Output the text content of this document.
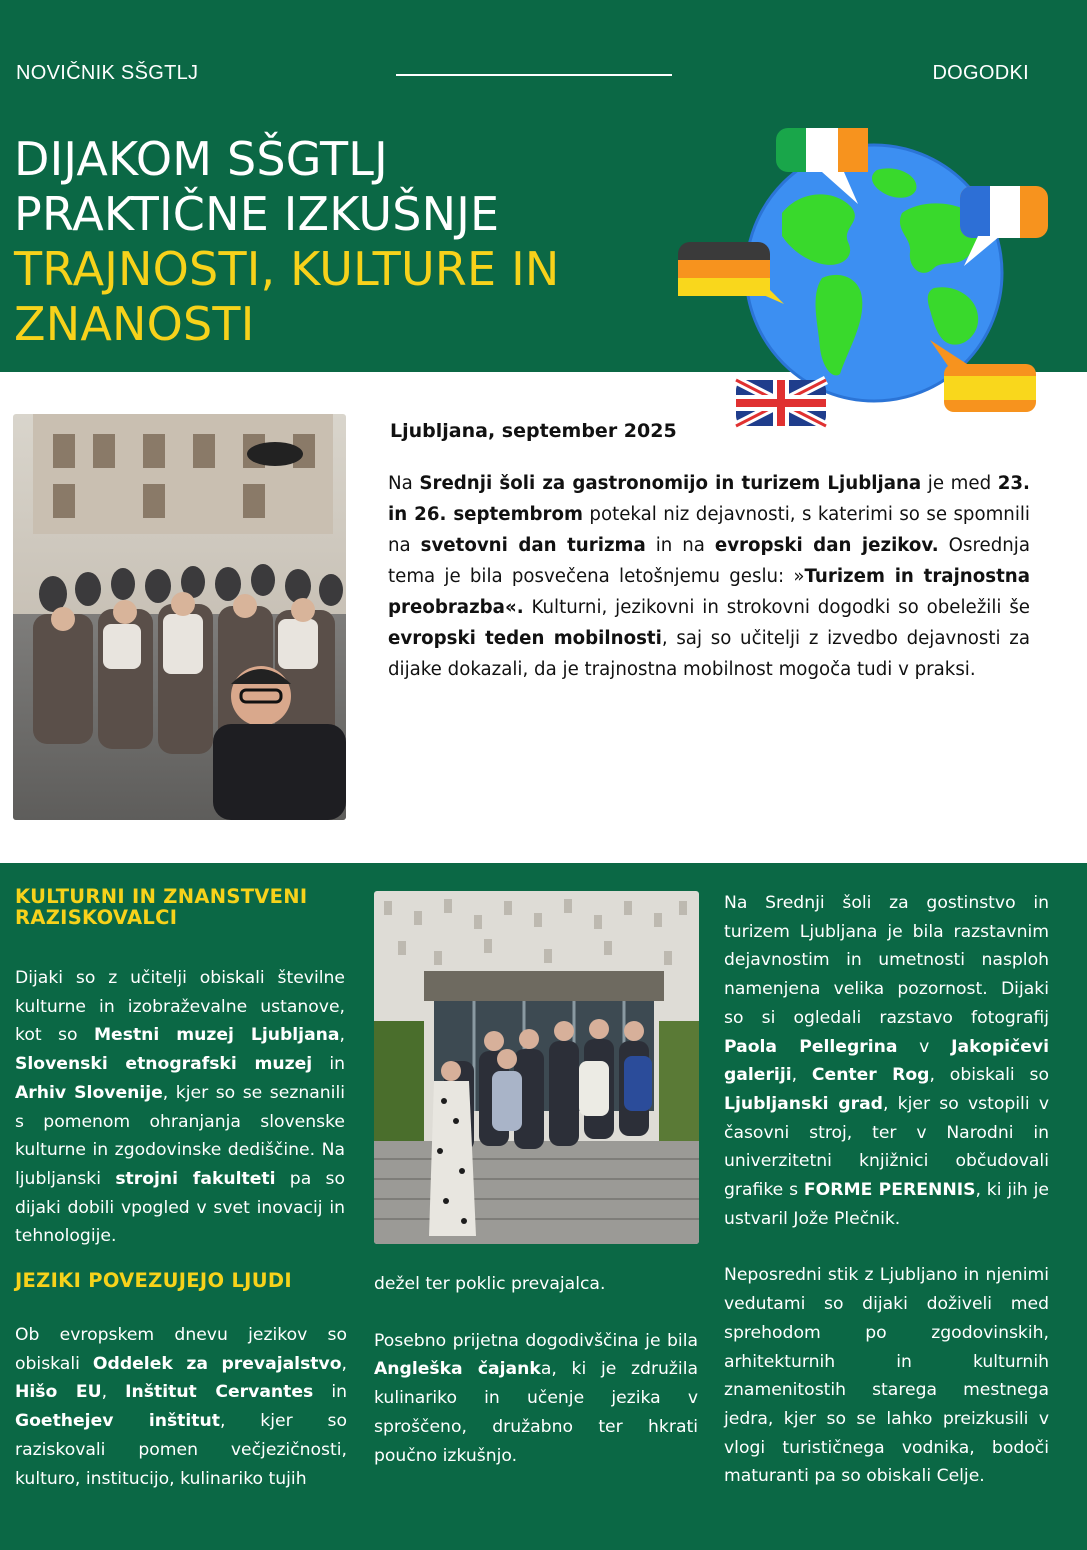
NOVIČNIK SŠGTLJ	DOGODKI
DIJAKOM SŠGTLJ
PRAKTIČNE IZKUŠNJE
TRAJNOSTI, KULTURE IN
ZNANOSTI
Ljubljana, september 2025

Na Srednji šoli za gastronomijo in turizem Ljubljana je med 23. in 26. septembrom potekal niz dejavnosti, s katerimi so se spomnili na svetovni dan turizma in na evropski dan jezikov. Osrednja tema je bila posvečena letošnjemu geslu: »Turizem in trajnostna preobrazba«. Kulturni, jezikovni in strokovni dogodki so obeležili še evropski teden mobilnosti, saj so učitelji z izvedbo dejavnosti za dijake dokazali, da je trajnostna mobilnost mogoča tudi v praksi.

KULTURNI IN ZNANSTVENI RAZISKOVALCI

Dijaki so z učitelji obiskali številne kulturne in izobraževalne ustanove, kot so Mestni muzej Ljubljana, Slovenski etnografski muzej in Arhiv Slovenije, kjer so se seznanili s pomenom ohranjanja slovenske kulturne in zgodovinske dediščine. Na ljubljanski strojni fakulteti pa so dijaki dobili vpogled v svet inovacij in tehnologije.

JEZIKI POVEZUJEJO LJUDI

Ob evropskem dnevu jezikov so obiskali Oddelek za prevajalstvo, Hišo EU, Inštitut Cervantes in Goethejev inštitut, kjer so raziskovali pomen večjezičnosti, kulturo, institucijo, kulinariko tujih

dežel ter poklic prevajalca.

Posebno prijetna dogodivščina je bila Angleška čajanka, ki je združila kulinariko in učenje jezika v sproščeno, družabno ter hkrati poučno izkušnjo.

Na Srednji šoli za gostinstvo in turizem Ljubljana je bila razstavnim dejavnostim in umetnosti nasploh namenjena velika pozornost. Dijaki so si ogledali razstavo fotografij Paola Pellegrina v Jakopičevi galeriji, Center Rog, obiskali so Ljubljanski grad, kjer so vstopili v časovni stroj, ter v Narodni in univerzitetni knjižnici občudovali grafike s FORME PERENNIS, ki jih je ustvaril Jože Plečnik.

Neposredni stik z Ljubljano in njenimi vedutami so dijaki doživeli med sprehodom po zgodovinskih, arhitekturnih in kulturnih znamenitostih starega mestnega jedra, kjer so se lahko preizkusili v vlogi turističnega vodnika, bodoči maturanti pa so obiskali Celje.
